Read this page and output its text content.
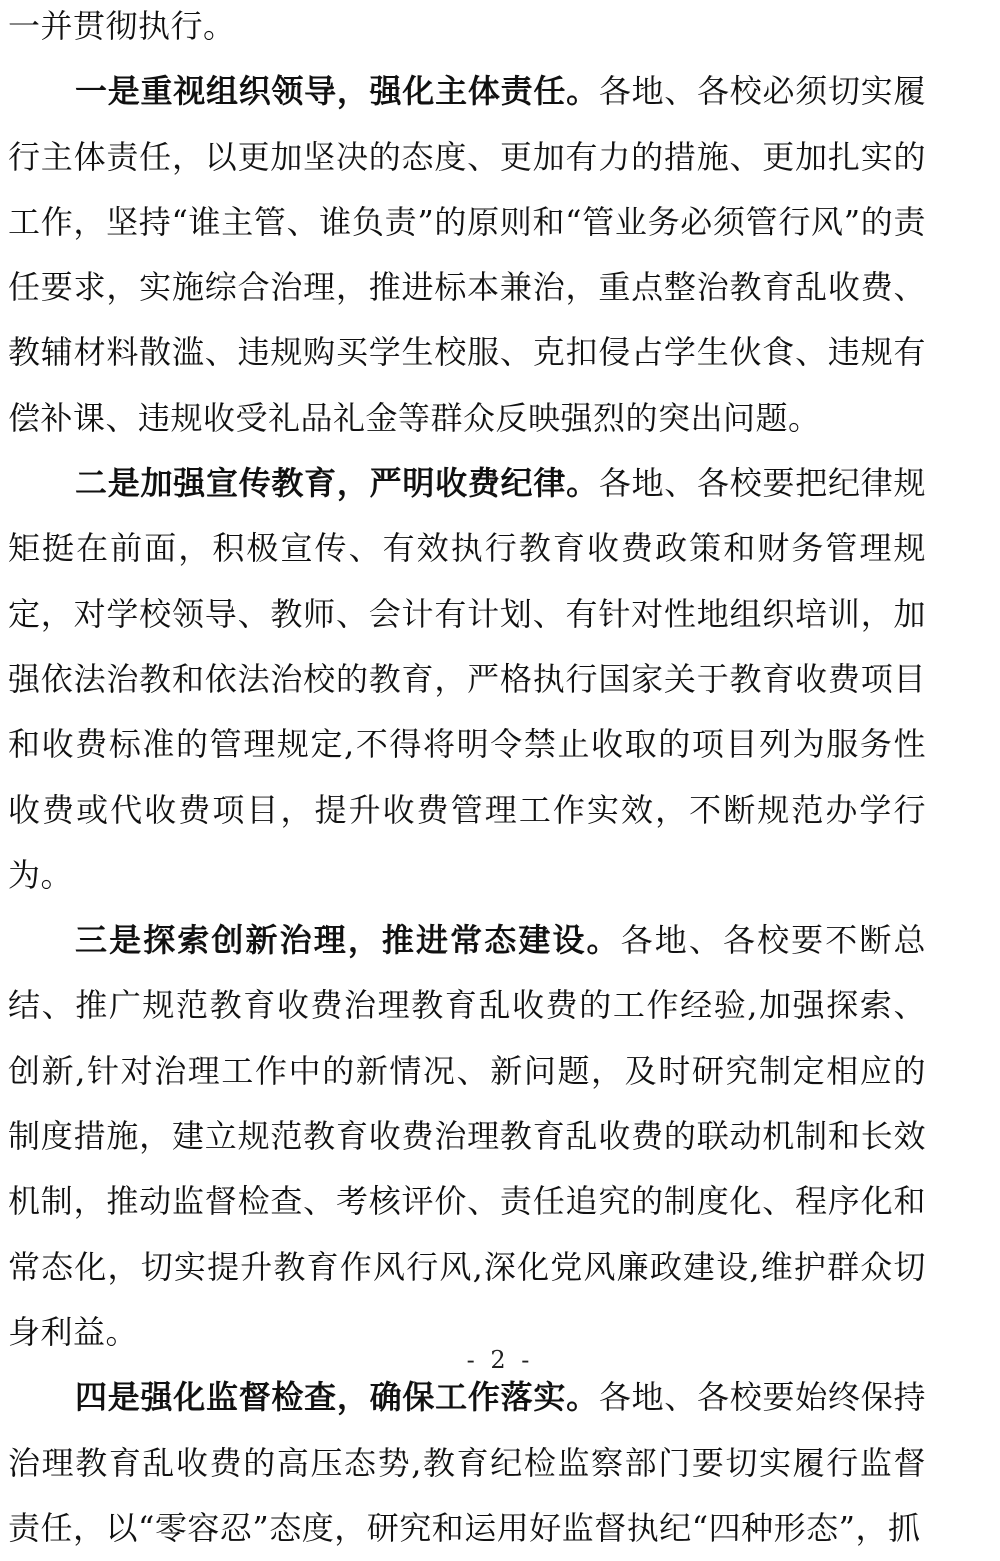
一并贯彻执行。

一是重视组织领导，强化主体责任。各地、各校必须切实履行主体责任，以更加坚决的态度、更加有力的措施、更加扎实的工作，坚持“谁主管、谁负责”的原则和“管业务必须管行风”的责任要求，实施综合治理，推进标本兼治，重点整治教育乱收费、教辅材料散滥、违规购买学生校服、克扣侵占学生伙食、违规有偿补课、违规收受礼品礼金等群众反映强烈的突出问题。

二是加强宣传教育，严明收费纪律。各地、各校要把纪律规矩挺在前面，积极宣传、有效执行教育收费政策和财务管理规定，对学校领导、教师、会计有计划、有针对性地组织培训，加强依法治教和依法治校的教育，严格执行国家关于教育收费项目和收费标准的管理规定,不得将明令禁止收取的项目列为服务性收费或代收费项目，提升收费管理工作实效，不断规范办学行为。

三是探索创新治理，推进常态建设。各地、各校要不断总结、推广规范教育收费治理教育乱收费的工作经验,加强探索、创新,针对治理工作中的新情况、新问题，及时研究制定相应的制度措施，建立规范教育收费治理教育乱收费的联动机制和长效机制，推动监督检查、考核评价、责任追究的制度化、程序化和常态化，切实提升教育作风行风,深化党风廉政建设,维护群众切身利益。

四是强化监督检查，确保工作落实。各地、各校要始终保持治理教育乱收费的高压态势,教育纪检监察部门要切实履行监督责任，以“零容忍”态度，研究和运用好监督执纪“四种形态”，抓

- 2 -
